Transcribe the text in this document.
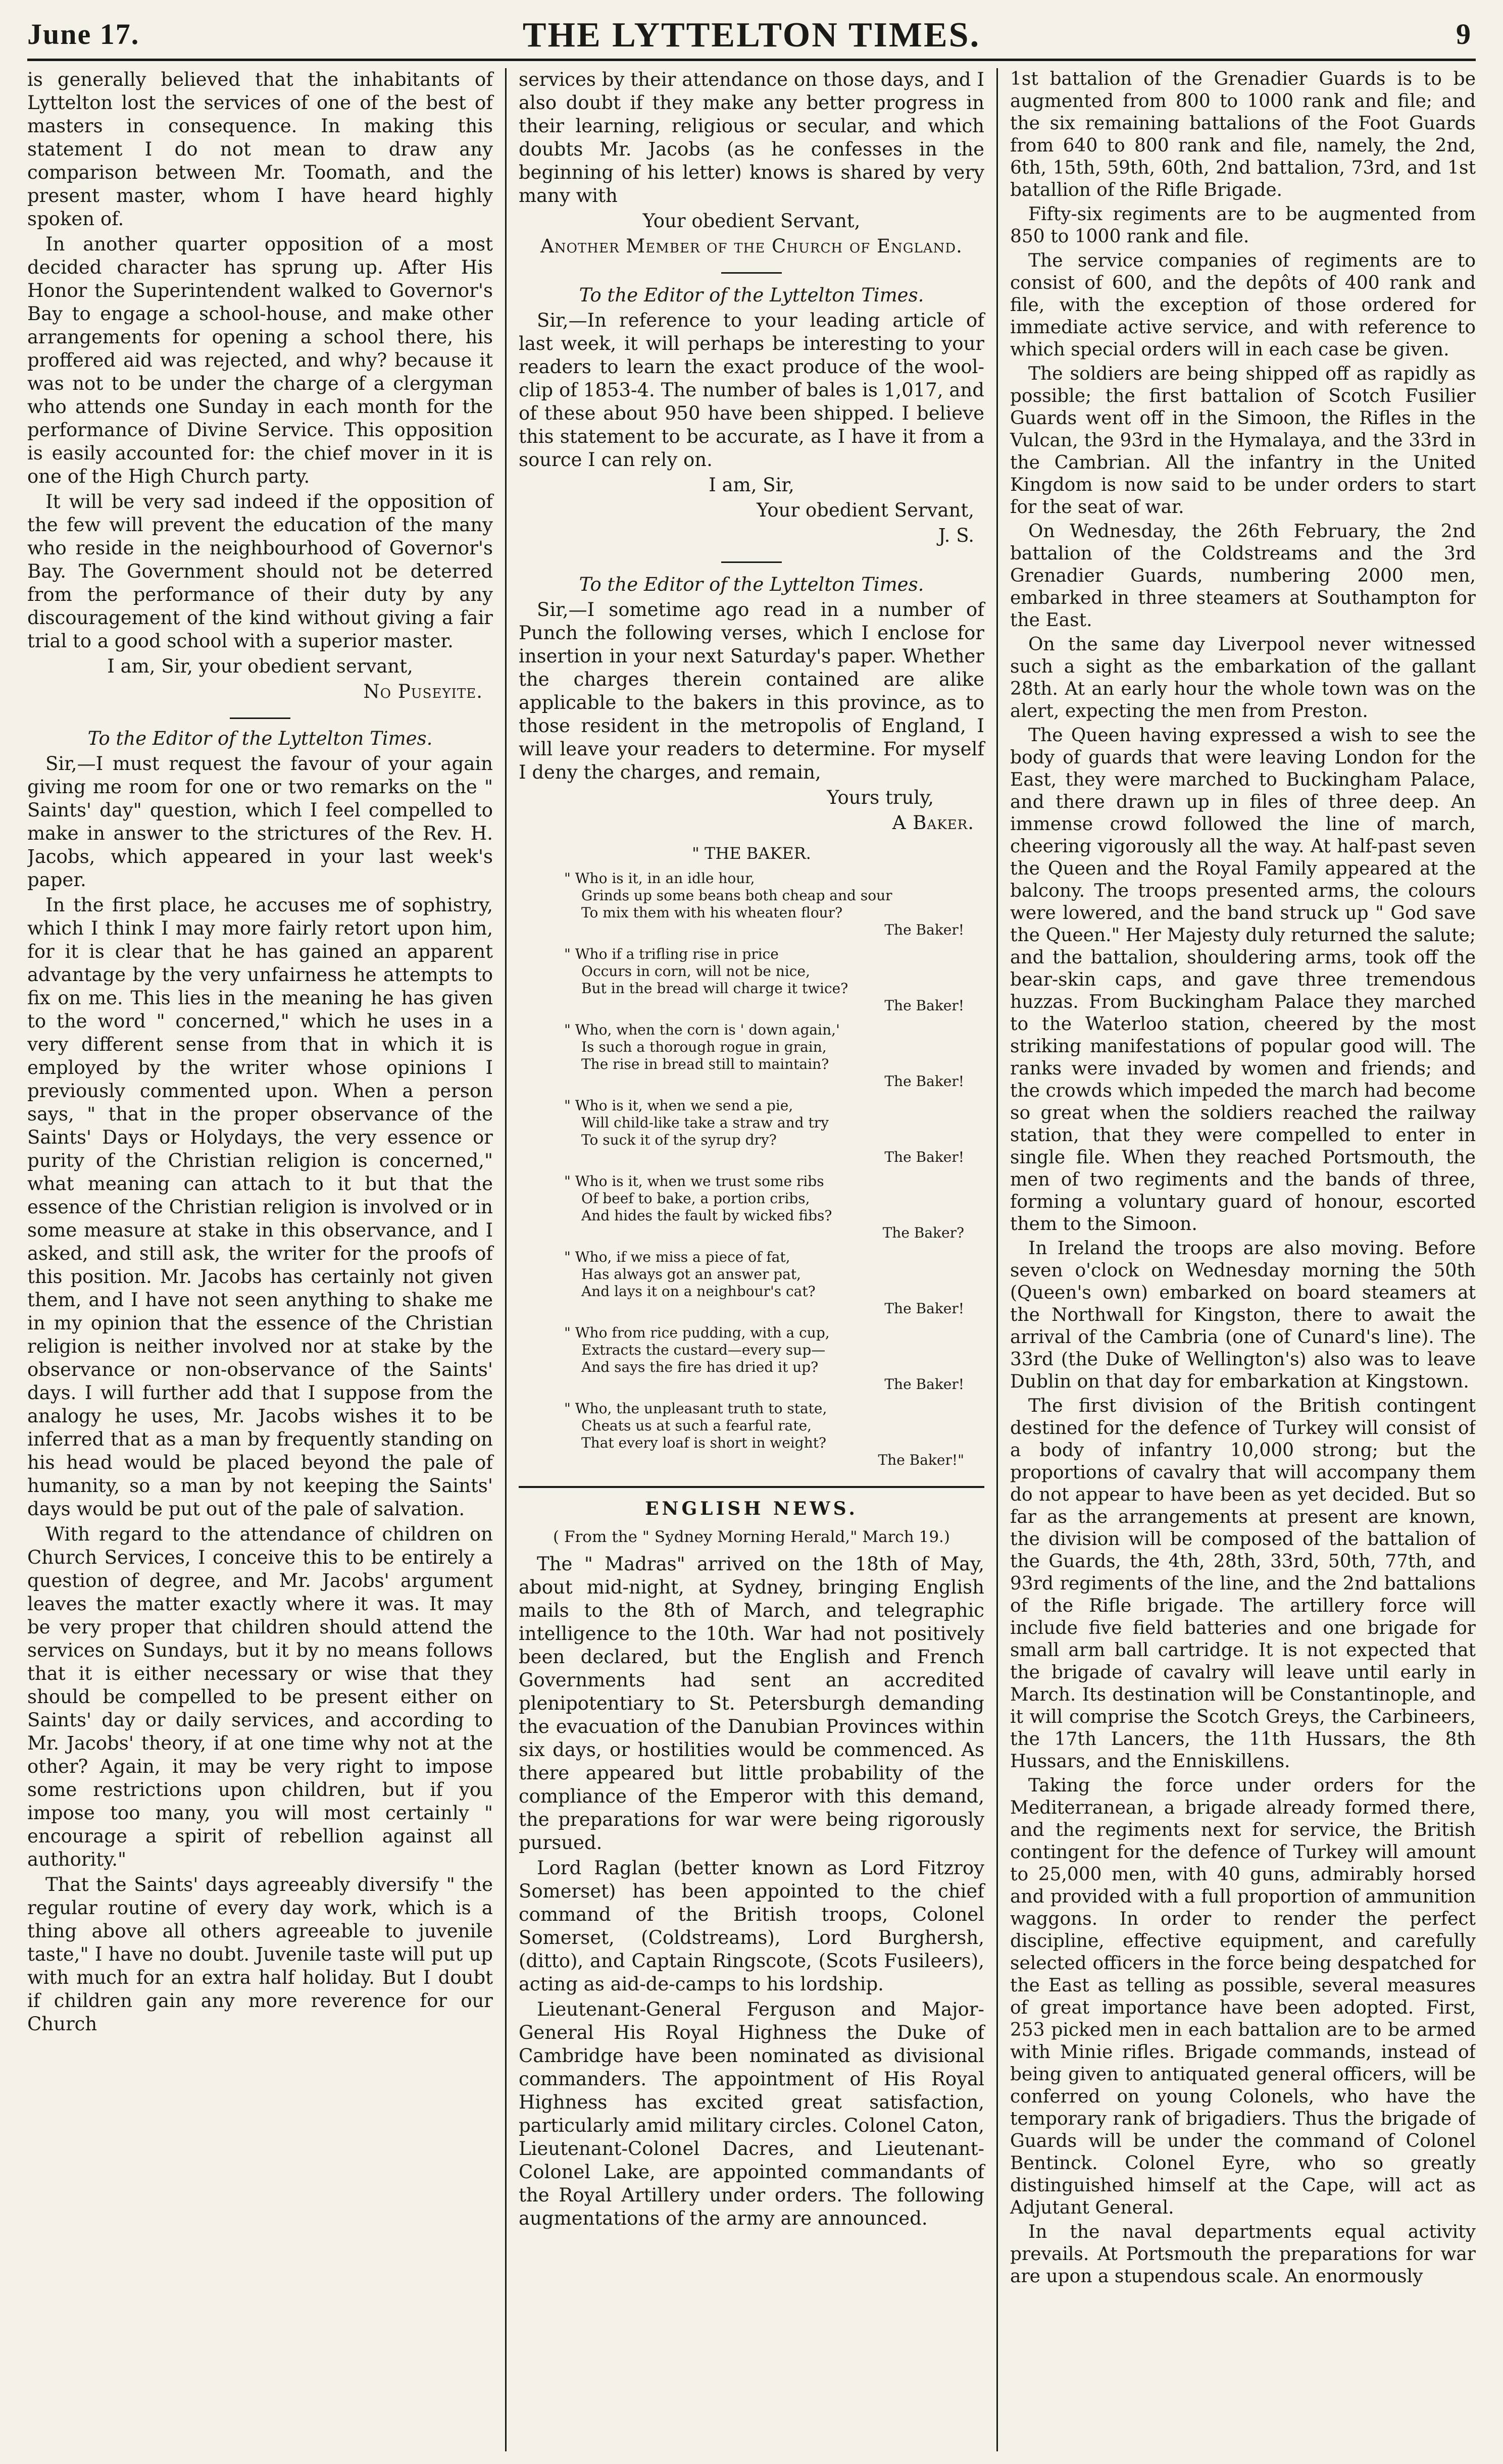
June 17.	THE LYTTELTON TIMES.	9

is generally believed that the inhabitants of Lyttelton lost the services of one of the best of masters in consequence. In making this statement I do not mean to draw any comparison between Mr. Toomath, and the present master, whom I have heard highly spoken of.

In another quarter opposition of a most decided character has sprung up. After His Honor the Superintendent walked to Governor's Bay to engage a school-house, and make other arrangements for opening a school there, his proffered aid was rejected, and why? because it was not to be under the charge of a clergyman who attends one Sunday in each month for the performance of Divine Service. This opposition is easily accounted for: the chief mover in it is one of the High Church party.

It will be very sad indeed if the opposition of the few will prevent the education of the many who reside in the neighbourhood of Governor's Bay. The Government should not be deterred from the performance of their duty by any discouragement of the kind without giving a fair trial to a good school with a superior master.

I am, Sir, your obedient servant,

No Puseyite.

To the Editor of the Lyttelton Times.

Sir,—I must request the favour of your again giving me room for one or two remarks on the " Saints' day" question, which I feel compelled to make in answer to the strictures of the Rev. H. Jacobs, which appeared in your last week's paper.

In the first place, he accuses me of sophistry, which I think I may more fairly retort upon him, for it is clear that he has gained an apparent advantage by the very unfairness he attempts to fix on me. This lies in the meaning he has given to the word " concerned," which he uses in a very different sense from that in which it is employed by the writer whose opinions I previously commented upon. When a person says, " that in the proper observance of the Saints' Days or Holydays, the very essence or purity of the Christian religion is concerned," what meaning can attach to it but that the essence of the Christian religion is involved or in some measure at stake in this observance, and I asked, and still ask, the writer for the proofs of this position. Mr. Jacobs has certainly not given them, and I have not seen anything to shake me in my opinion that the essence of the Christian religion is neither involved nor at stake by the observance or non-observance of the Saints' days. I will further add that I suppose from the analogy he uses, Mr. Jacobs wishes it to be inferred that as a man by frequently standing on his head would be placed beyond the pale of humanity, so a man by not keeping the Saints' days would be put out of the pale of salvation.

With regard to the attendance of children on Church Services, I conceive this to be entirely a question of degree, and Mr. Jacobs' argument leaves the matter exactly where it was. It may be very proper that children should attend the services on Sundays, but it by no means follows that it is either necessary or wise that they should be compelled to be present either on Saints' day or daily services, and according to Mr. Jacobs' theory, if at one time why not at the other? Again, it may be very right to impose some restrictions upon children, but if you impose too many, you will most certainly " encourage a spirit of rebellion against all authority."

That the Saints' days agreeably diversify " the regular routine of every day work, which is a thing above all others agreeable to juvenile taste," I have no doubt. Juvenile taste will put up with much for an extra half holiday. But I doubt if children gain any more reverence for our Church

services by their attendance on those days, and I also doubt if they make any better progress in their learning, religious or secular, and which doubts Mr. Jacobs (as he confesses in the beginning of his letter) knows is shared by very many with

Your obedient Servant,

Another Member of the Church of England.

To the Editor of the Lyttelton Times.

Sir,—In reference to your leading article of last week, it will perhaps be interesting to your readers to learn the exact produce of the wool-clip of 1853-4. The number of bales is 1,017, and of these about 950 have been shipped. I believe this statement to be accurate, as I have it from a source I can rely on.

I am, Sir,

Your obedient Servant,

J. S.

To the Editor of the Lyttelton Times.

Sir,—I sometime ago read in a number of Punch the following verses, which I enclose for insertion in your next Saturday's paper. Whether the charges therein contained are alike applicable to the bakers in this province, as to those resident in the metropolis of England, I will leave your readers to determine. For myself I deny the charges, and remain,

Yours truly,

A Baker.

" THE BAKER.

" Who is it, in an idle hour,
Grinds up some beans both cheap and sour
To mix them with his wheaten flour?
The Baker!
" Who if a trifling rise in price
Occurs in corn, will not be nice,
But in the bread will charge it twice?
The Baker!
" Who, when the corn is ' down again,'
Is such a thorough rogue in grain,
The rise in bread still to maintain?
The Baker!
" Who is it, when we send a pie,
Will child-like take a straw and try
To suck it of the syrup dry?
The Baker!
" Who is it, when we trust some ribs
Of beef to bake, a portion cribs,
And hides the fault by wicked fibs?
The Baker?
" Who, if we miss a piece of fat,
Has always got an answer pat,
And lays it on a neighbour's cat?
The Baker!
" Who from rice pudding, with a cup,
Extracts the custard—every sup—
And says the fire has dried it up?
The Baker!
" Who, the unpleasant truth to state,
Cheats us at such a fearful rate,
That every loaf is short in weight?
The Baker!"

ENGLISH NEWS.

( From the " Sydney Morning Herald," March 19.)

The " Madras" arrived on the 18th of May, about mid-night, at Sydney, bringing English mails to the 8th of March, and telegraphic intelligence to the 10th. War had not positively been declared, but the English and French Governments had sent an accredited plenipotentiary to St. Petersburgh demanding the evacuation of the Danubian Provinces within six days, or hostilities would be commenced. As there appeared but little probability of the compliance of the Emperor with this demand, the preparations for war were being rigorously pursued.

Lord Raglan (better known as Lord Fitzroy Somerset) has been appointed to the chief command of the British troops, Colonel Somerset, (Coldstreams), Lord Burghersh, (ditto), and Captain Ringscote, (Scots Fusileers), acting as aid-de-camps to his lordship.

Lieutenant-General Ferguson and Major-General His Royal Highness the Duke of Cambridge have been nominated as divisional commanders. The appointment of His Royal Highness has excited great satisfaction, particularly amid military circles. Colonel Caton, Lieutenant-Colonel Dacres, and Lieutenant-Colonel Lake, are appointed commandants of the Royal Artillery under orders. The following augmentations of the army are announced.

1st battalion of the Grenadier Guards is to be augmented from 800 to 1000 rank and file; and the six remaining battalions of the Foot Guards from 640 to 800 rank and file, namely, the 2nd, 6th, 15th, 59th, 60th, 2nd battalion, 73rd, and 1st batallion of the Rifle Brigade.

Fifty-six regiments are to be augmented from 850 to 1000 rank and file.

The service companies of regiments are to consist of 600, and the depôts of 400 rank and file, with the exception of those ordered for immediate active service, and with reference to which special orders will in each case be given.

The soldiers are being shipped off as rapidly as possible; the first battalion of Scotch Fusilier Guards went off in the Simoon, the Rifles in the Vulcan, the 93rd in the Hymalaya, and the 33rd in the Cambrian. All the infantry in the United Kingdom is now said to be under orders to start for the seat of war.

On Wednesday, the 26th February, the 2nd battalion of the Coldstreams and the 3rd Grenadier Guards, numbering 2000 men, embarked in three steamers at Southampton for the East.

On the same day Liverpool never witnessed such a sight as the embarkation of the gallant 28th. At an early hour the whole town was on the alert, expecting the men from Preston.

The Queen having expressed a wish to see the body of guards that were leaving London for the East, they were marched to Buckingham Palace, and there drawn up in files of three deep. An immense crowd followed the line of march, cheering vigorously all the way. At half-past seven the Queen and the Royal Family appeared at the balcony. The troops presented arms, the colours were lowered, and the band struck up " God save the Queen." Her Majesty duly returned the salute; and the battalion, shouldering arms, took off the bear-skin caps, and gave three tremendous huzzas. From Buckingham Palace they marched to the Waterloo station, cheered by the most striking manifestations of popular good will. The ranks were invaded by women and friends; and the crowds which impeded the march had become so great when the soldiers reached the railway station, that they were compelled to enter in single file. When they reached Portsmouth, the men of two regiments and the bands of three, forming a voluntary guard of honour, escorted them to the Simoon.

In Ireland the troops are also moving. Before seven o'clock on Wednesday morning the 50th (Queen's own) embarked on board steamers at the Northwall for Kingston, there to await the arrival of the Cambria (one of Cunard's line). The 33rd (the Duke of Wellington's) also was to leave Dublin on that day for embarkation at Kingstown.

The first division of the British contingent destined for the defence of Turkey will consist of a body of infantry 10,000 strong; but the proportions of cavalry that will accompany them do not appear to have been as yet decided. But so far as the arrangements at present are known, the division will be composed of the battalion of the Guards, the 4th, 28th, 33rd, 50th, 77th, and 93rd regiments of the line, and the 2nd battalions of the Rifle brigade. The artillery force will include five field batteries and one brigade for small arm ball cartridge. It is not expected that the brigade of cavalry will leave until early in March. Its destination will be Constantinople, and it will comprise the Scotch Greys, the Carbineers, the 17th Lancers, the 11th Hussars, the 8th Hussars, and the Enniskillens.

Taking the force under orders for the Mediterranean, a brigade already formed there, and the regiments next for service, the British contingent for the defence of Turkey will amount to 25,000 men, with 40 guns, admirably horsed and provided with a full proportion of ammunition waggons. In order to render the perfect discipline, effective equipment, and carefully selected officers in the force being despatched for the East as telling as possible, several measures of great importance have been adopted. First, 253 picked men in each battalion are to be armed with Minie rifles. Brigade commands, instead of being given to antiquated general officers, will be conferred on young Colonels, who have the temporary rank of brigadiers. Thus the brigade of Guards will be under the command of Colonel Bentinck. Colonel Eyre, who so greatly distinguished himself at the Cape, will act as Adjutant General.

In the naval departments equal activity prevails. At Portsmouth the preparations for war are upon a stupendous scale. An enormously
